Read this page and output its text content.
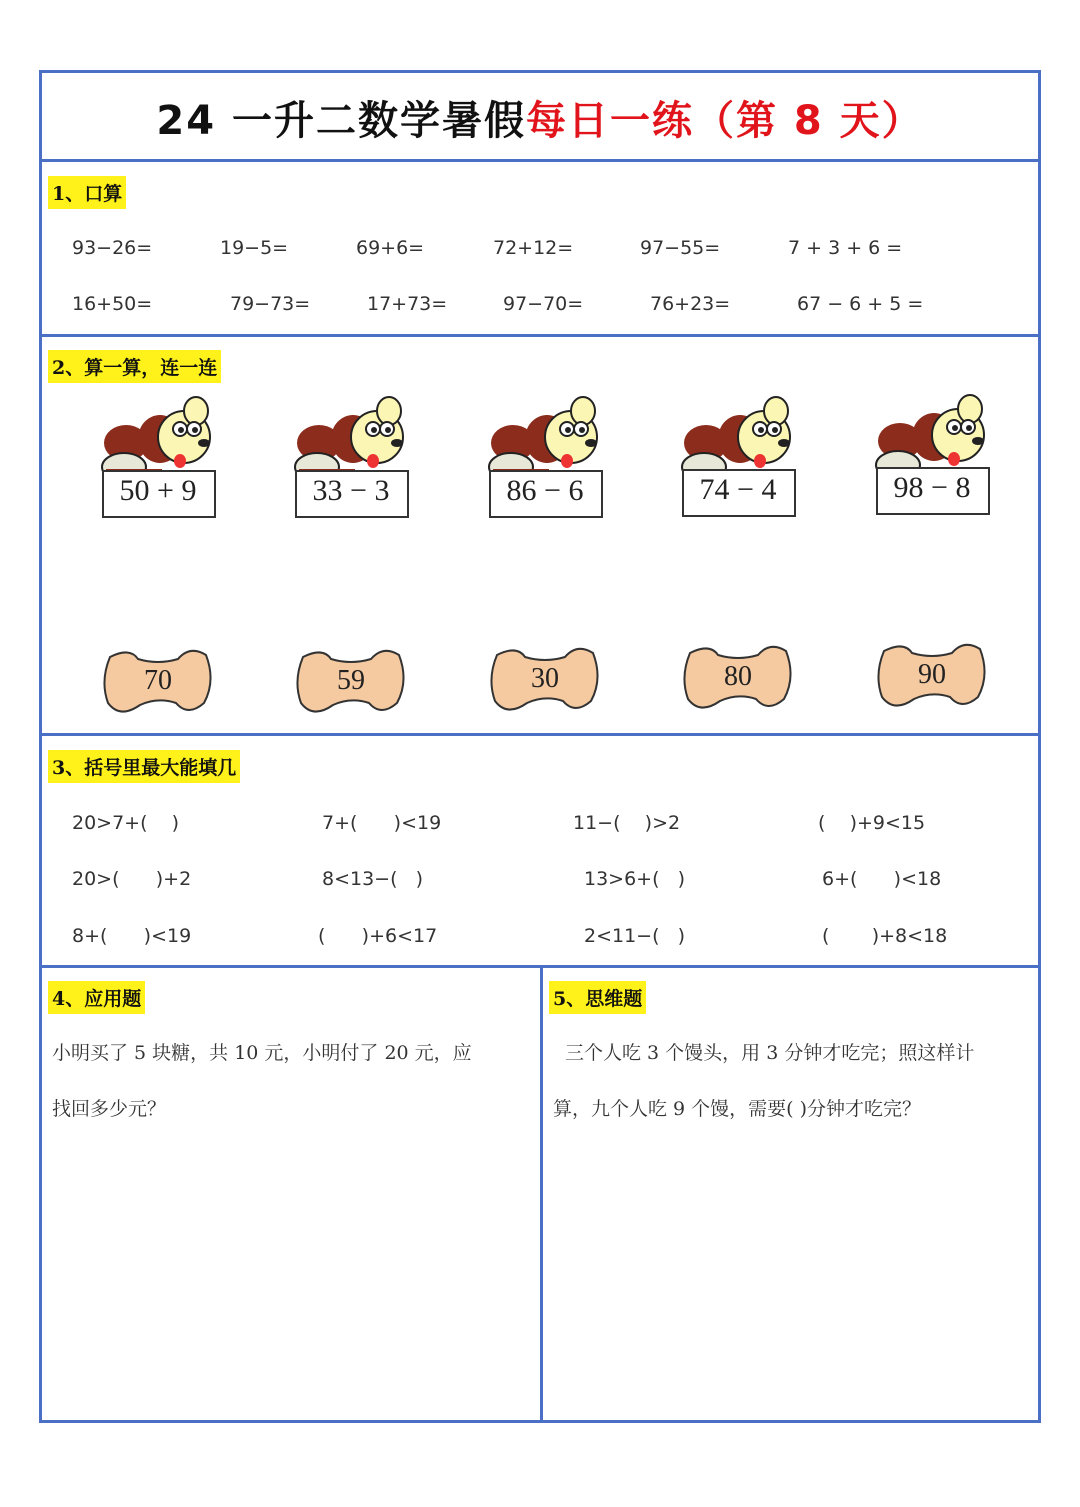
24 一升二数学暑假每日一练（第 8 天）
1、口算
93−26=	19−5=	69+6=	72+12=	97−55=	7 + 3 + 6 =
16+50=	79−73=	17+73=	97−70=	76+23=	67 − 6 + 5 =
2、算一算，连一连
50 + 9	33 − 3	86 − 6	74 − 4	98 − 8
70	59	30	80	90
3、括号里最大能填几
20>7+(    )	7+(      )<19	11−(    )>2	(    )+9<15
20>(      )+2	8<13−(   )	13>6+(   )	6+(      )<18
8+(      )<19	(      )+6<17	2<11−(   )	(       )+8<18
4、应用题
小明买了 5 块糖，共 10 元，小明付了 20 元，应
找回多少元？
5、思维题
三个人吃 3 个馒头，用 3 分钟才吃完；照这样计
算，九个人吃 9 个馒，需要( )分钟才吃完？
